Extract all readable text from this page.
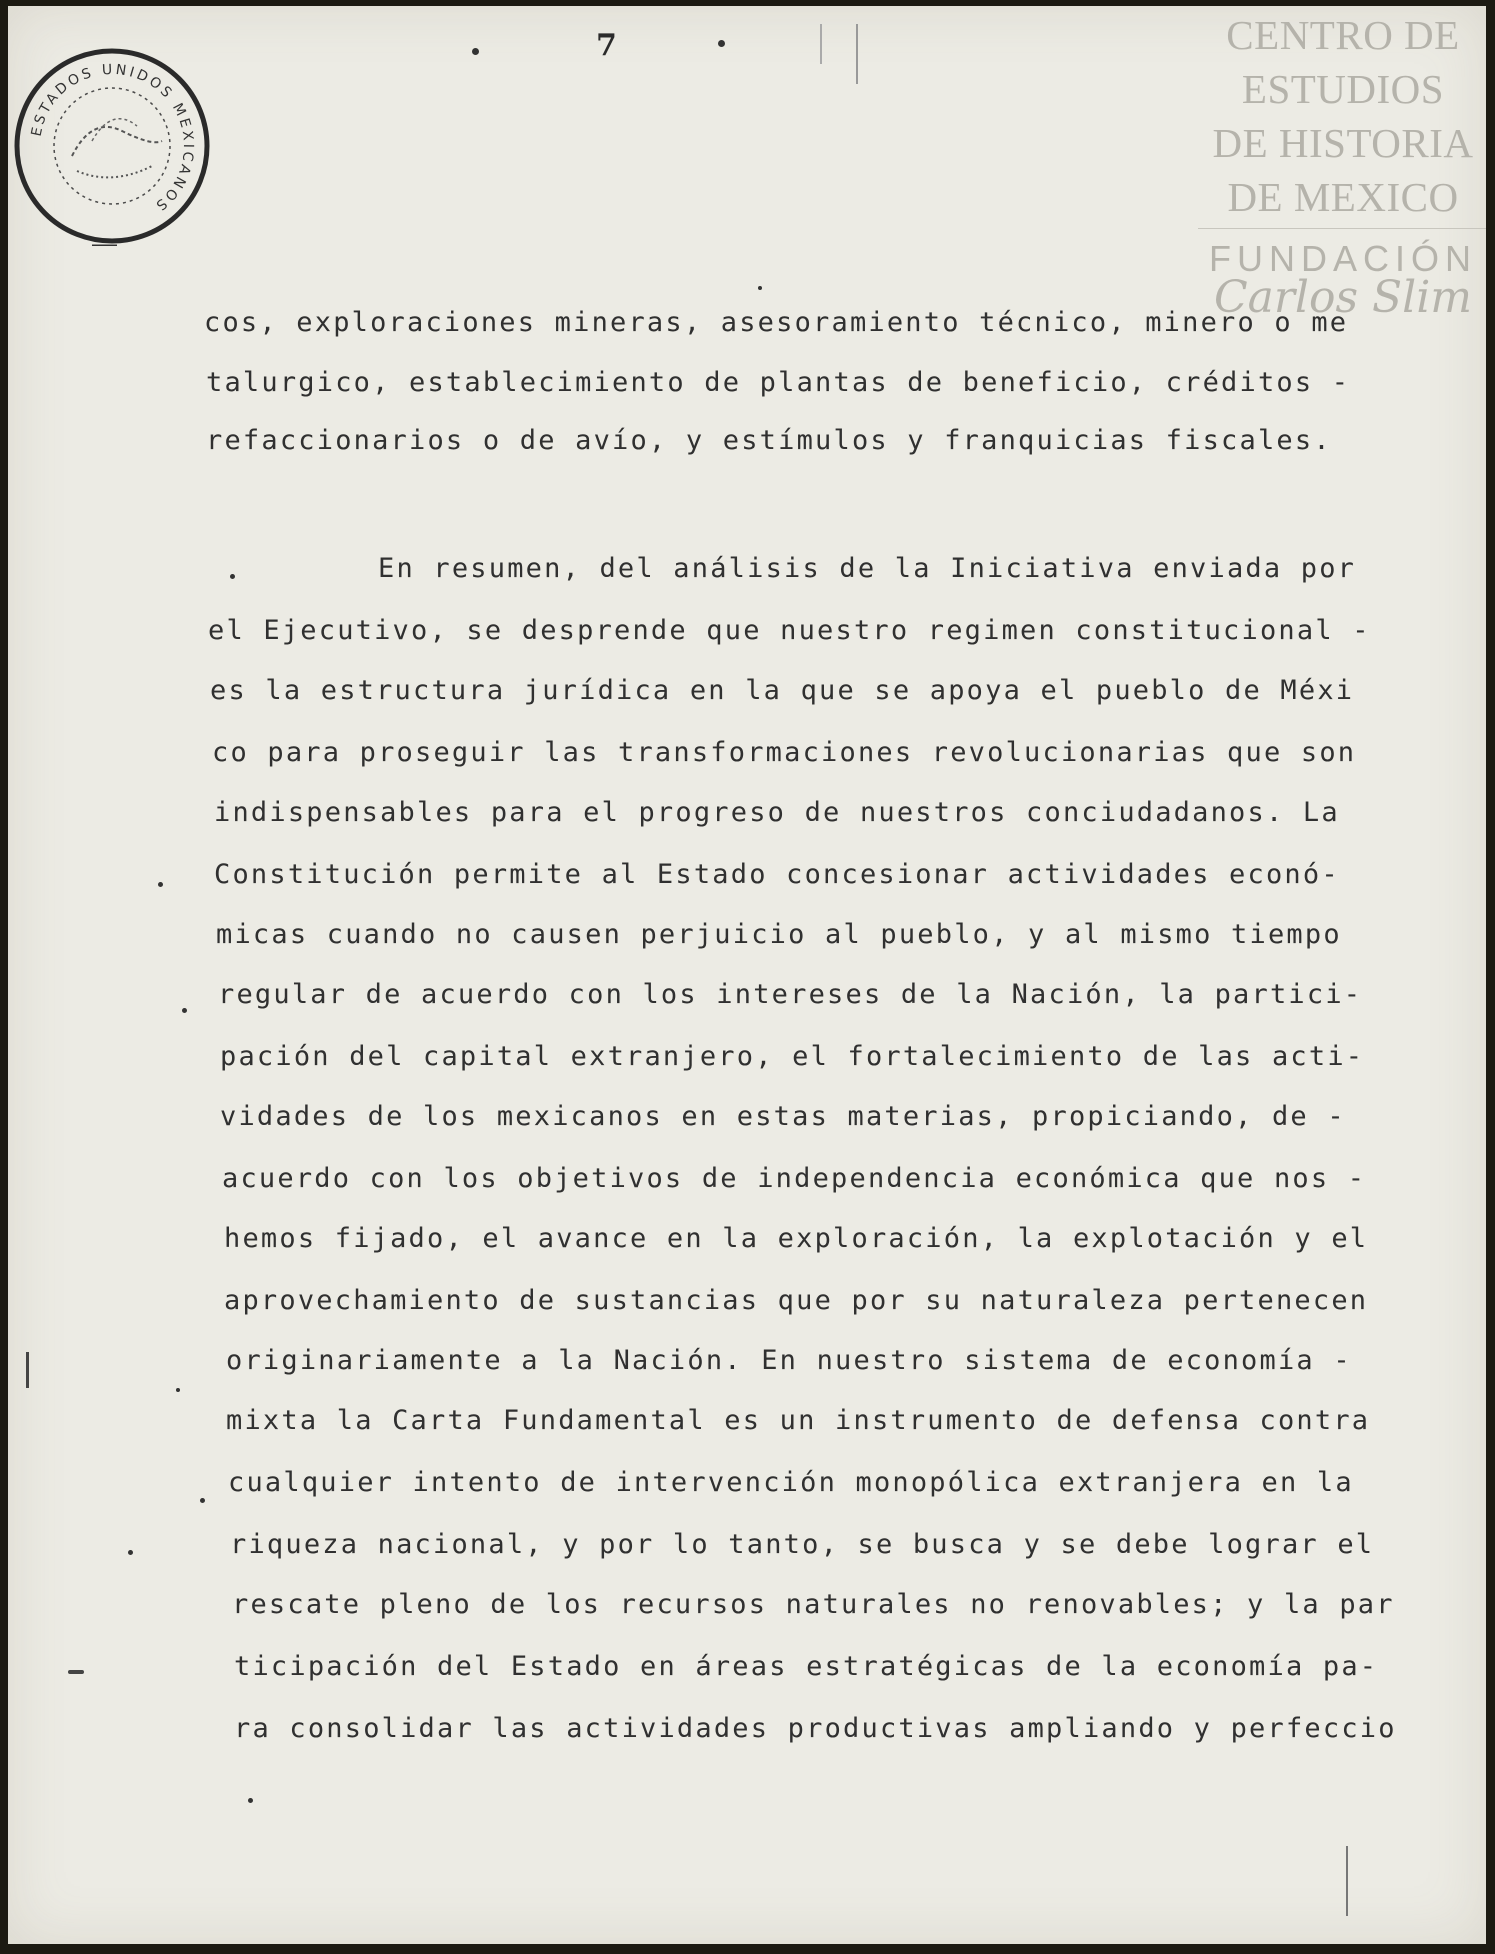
7
ESTADOS UNIDOS MEXICANOS
CENTRO DE
ESTUDIOS
DE HISTORIA
DE MEXICO
FUNDACIÓN
Carlos Slim
cos, exploraciones mineras, asesoramiento técnico, minero o me
talurgico, establecimiento de plantas de beneficio, créditos -
refaccionarios o de avío, y estímulos y franquicias fiscales.
En resumen, del análisis de la Iniciativa enviada por
el Ejecutivo, se desprende que nuestro regimen constitucional -
es la estructura jurídica en la que se apoya el pueblo de Méxi
co para proseguir las transformaciones revolucionarias que son
indispensables para el progreso de nuestros conciudadanos. La
Constitución permite al Estado concesionar actividades econó-
micas cuando no causen perjuicio al pueblo, y al mismo tiempo
regular de acuerdo con los intereses de la Nación, la partici-
pación del capital extranjero, el fortalecimiento de las acti-
vidades de los mexicanos en estas materias, propiciando, de -
acuerdo con los objetivos de independencia económica que nos -
hemos fijado, el avance en la exploración, la explotación y el
aprovechamiento de sustancias que por su naturaleza pertenecen
originariamente a la Nación. En nuestro sistema de economía -
mixta la Carta Fundamental es un instrumento de defensa contra
cualquier intento de intervención monopólica extranjera en la
riqueza nacional, y por lo tanto, se busca y se debe lograr el
rescate pleno de los recursos naturales no renovables; y la par
ticipación del Estado en áreas estratégicas de la economía pa-
ra consolidar las actividades productivas ampliando y perfeccio
